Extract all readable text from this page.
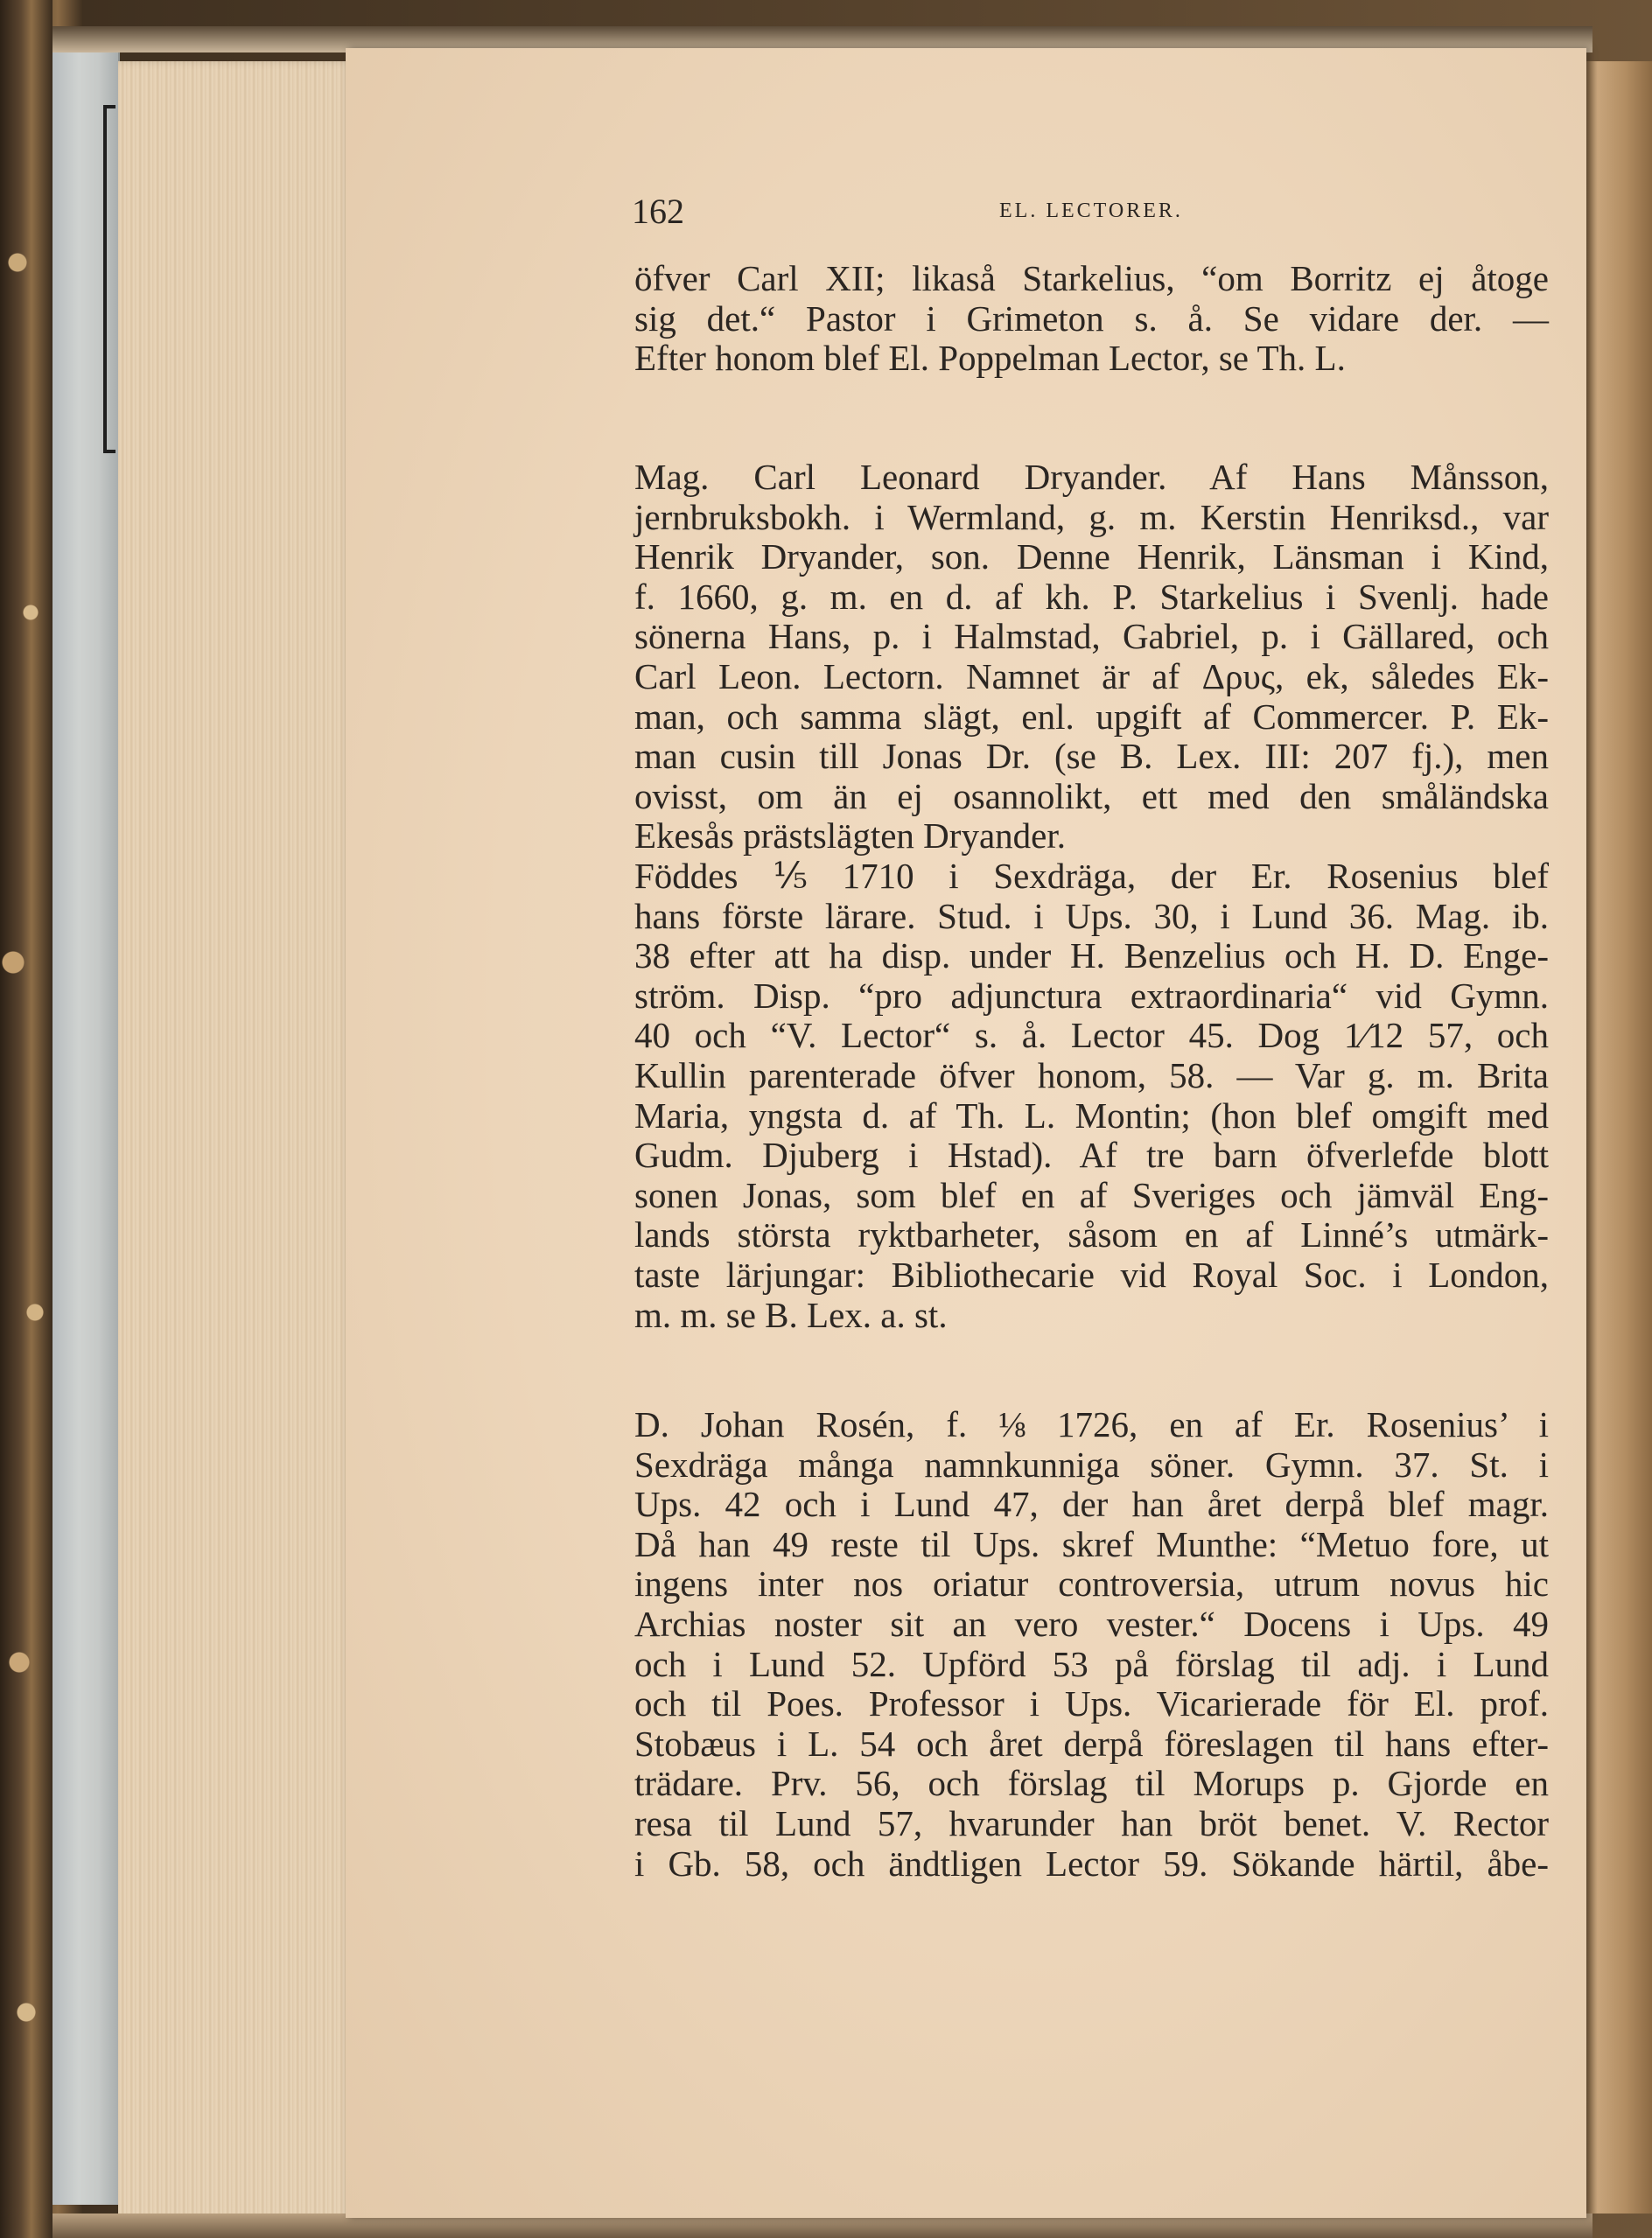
162	EL. LECTORER.
öfver Carl XII; likaså Starkelius, “om Borritz ej åtoge
sig det.“ Pastor i Grimeton s. å. Se vidare der. —
Efter honom blef El. Poppelman Lector, se Th. L.
Mag. Carl Leonard Dryander. Af Hans Månsson,
jernbruksbokh. i Wermland, g. m. Kerstin Henriksd., var
Henrik Dryander, son. Denne Henrik, Länsman i Kind,
f. 1660, g. m. en d. af kh. P. Starkelius i Svenlj. hade
sönerna Hans, p. i Halmstad, Gabriel, p. i Gällared, och
Carl Leon. Lectorn. Namnet är af Δρυς, ek, således Ek-
man, och samma slägt, enl. upgift af Commercer. P. Ek-
man cusin till Jonas Dr. (se B. Lex. III: 207 fj.), men
ovisst, om än ej osannolikt, ett med den småländska
Ekesås prästslägten Dryander.
Föddes ⅕ 1710 i Sexdräga, der Er. Rosenius blef
hans förste lärare. Stud. i Ups. 30, i Lund 36. Mag. ib.
38 efter att ha disp. under H. Benzelius och H. D. Enge-
ström. Disp. “pro adjunctura extraordinaria“ vid Gymn.
40 och “V. Lector“ s. å. Lector 45. Dog 1⁄12 57, och
Kullin parenterade öfver honom, 58. — Var g. m. Brita
Maria, yngsta d. af Th. L. Montin; (hon blef omgift med
Gudm. Djuberg i Hstad). Af tre barn öfverlefde blott
sonen Jonas, som blef en af Sveriges och jämväl Eng-
lands största ryktbarheter, såsom en af Linné’s utmärk-
taste lärjungar: Bibliothecarie vid Royal Soc. i London,
m. m. se B. Lex. a. st.
D. Johan Rosén, f. ⅛ 1726, en af Er. Rosenius’ i
Sexdräga många namnkunniga söner. Gymn. 37. St. i
Ups. 42 och i Lund 47, der han året derpå blef magr.
Då han 49 reste til Ups. skref Munthe: “Metuo fore, ut
ingens inter nos oriatur controversia, utrum novus hic
Archias noster sit an vero vester.“ Docens i Ups. 49
och i Lund 52. Upförd 53 på förslag til adj. i Lund
och til Poes. Professor i Ups. Vicarierade för El. prof.
Stobæus i L. 54 och året derpå föreslagen til hans efter-
trädare. Prv. 56, och förslag til Morups p. Gjorde en
resa til Lund 57, hvarunder han bröt benet. V. Rector
i Gb. 58, och ändtligen Lector 59. Sökande härtil, åbe-
